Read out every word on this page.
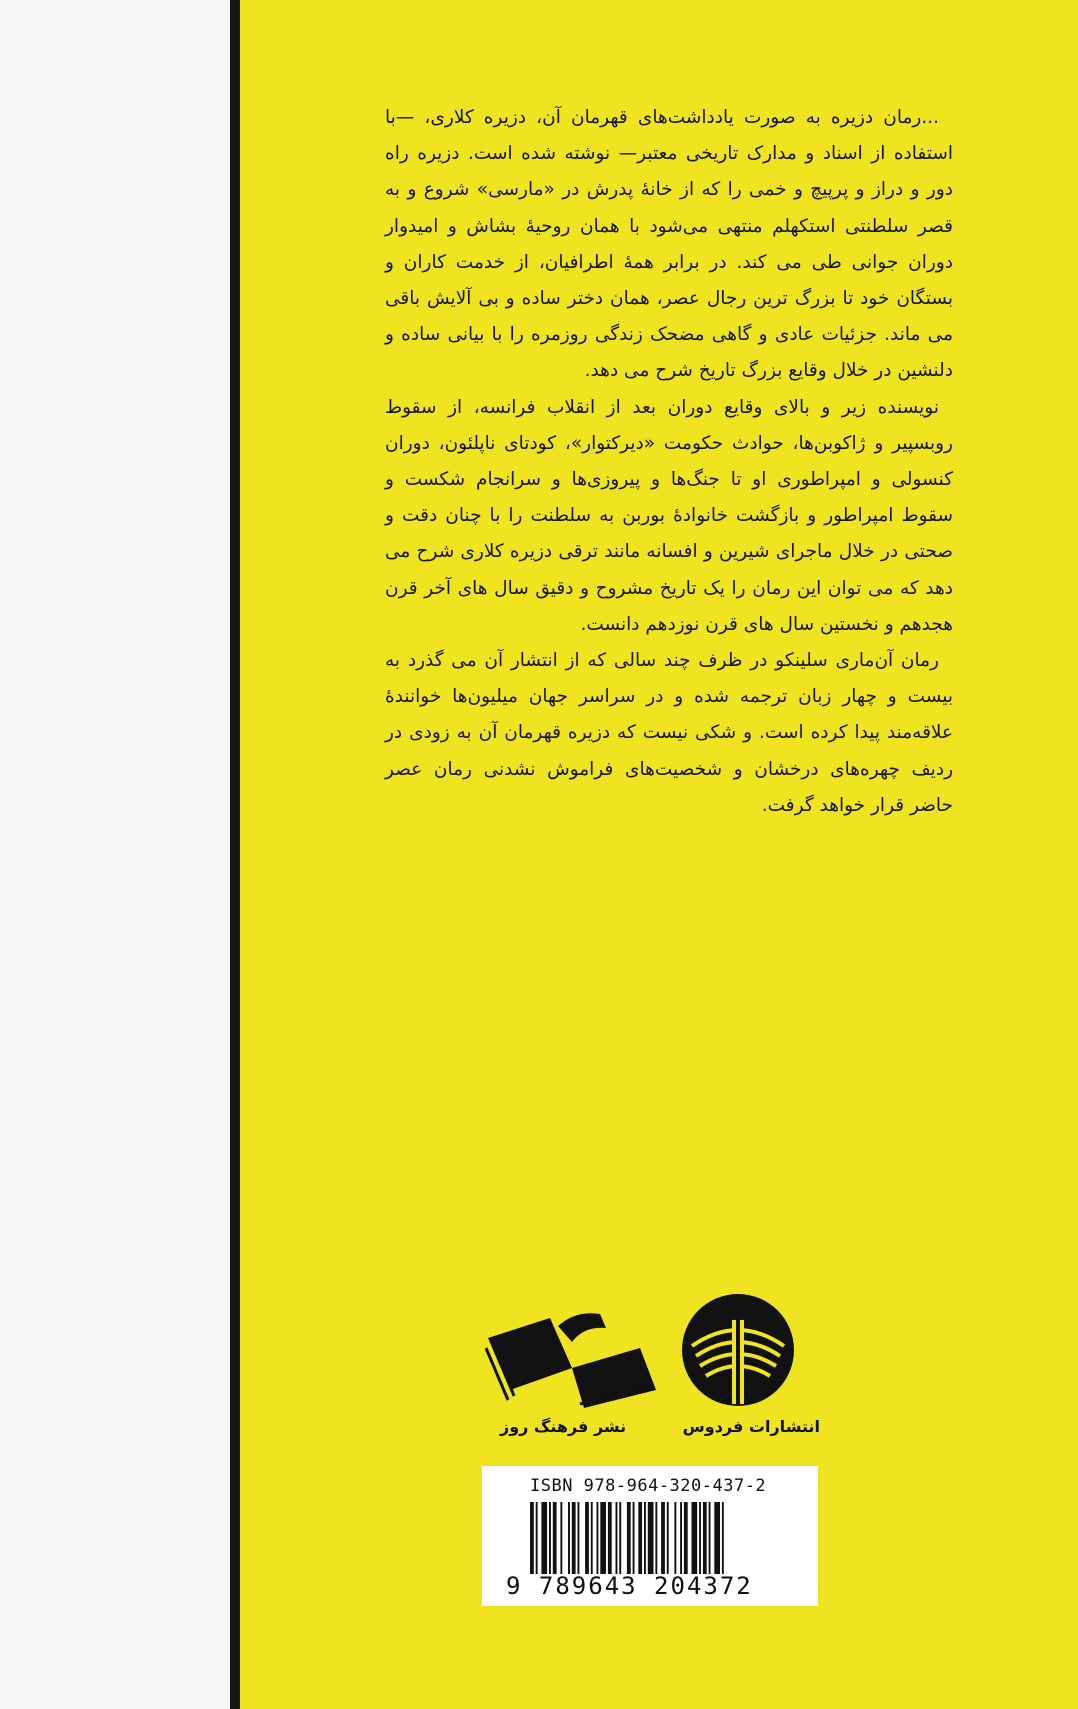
...رمان دزیره به صورت یادداشت‌های قهرمان آن، دزیره کلاری، —با استفاده از اسناد و مدارک تاریخی معتبر— نوشته شده است. دزیره راه دور و دراز و پرپیچ و خمی را که از خانهٔ پدرش در «مارسی» شروع و به قصر سلطنتی استکهلم منتهی می‌شود با همان روحیهٔ بشاش و امیدوار دوران جوانی طی می کند. در برابر همهٔ اطرافیان، از خدمت کاران و بستگان خود تا بزرگ ترین رجال عصر، همان دختر ساده و بی آلایش باقی می ماند. جزئیات عادی و گاهی مضحک زندگی روزمره را با بیانی ساده و دلنشین در خلال وقایع بزرگ تاریخ شرح می دهد.

نویسنده زیر و بالای وقایع دوران بعد از انقلاب فرانسه، از سقوط روبسپیر و ژاکوبن‌ها، حوادث حکومت «دیرکتوار»، کودتای ناپلئون، دوران کنسولی و امپراطوری او تا جنگ‌ها و پیروزی‌ها و سرانجام شکست و سقوط امپراطور و بازگشت خانوادهٔ بوربن به سلطنت را با چنان دقت و صحتی در خلال ماجرای شیرین و افسانه مانند ترقی دزیره کلاری شرح می دهد که می توان این رمان را یک تاریخ مشروح و دقیق سال های آخر قرن هجدهم و نخستین سال های قرن نوزدهم دانست.

رمان آن‌ماری سلینکو در ظرف چند سالی که از انتشار آن می گذرد به بیست و چهار زبان ترجمه شده و در سراسر جهان میلیون‌ها خوانندهٔ علاقه‌مند پیدا کرده است. و شکی نیست که دزیره قهرمان آن به زودی در ردیف چهره‌های درخشان و شخصیت‌های فراموش نشدنی رمان عصر حاضر قرار خواهد گرفت.

انتشارات فردوس
نشر فرهنگ روز
ISBN 978-964-320-437-2
9 789643 204372
